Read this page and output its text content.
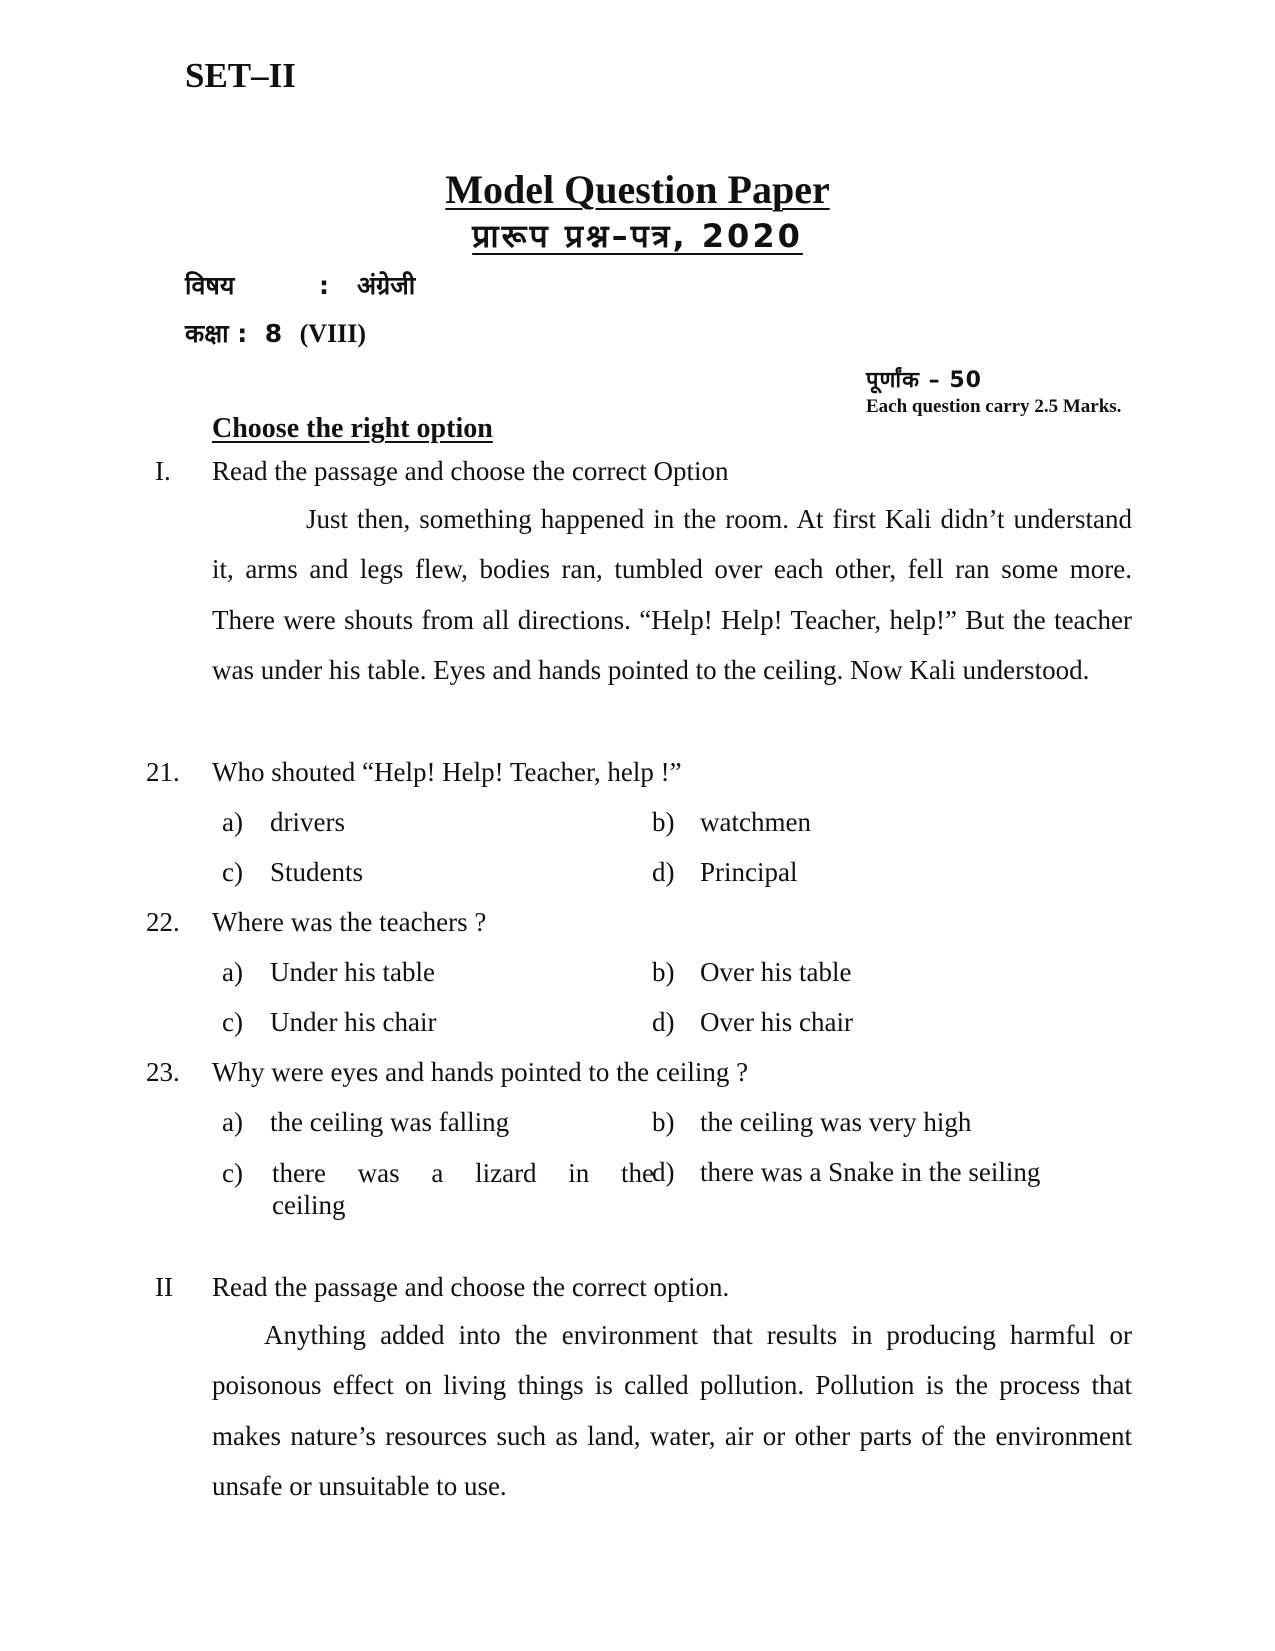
SET–II
Model Question Paper
प्रारूप प्रश्न–पत्र, 2020
विषय	: अंग्रेजी
कक्षा : 8 (VIII)
पूर्णांक – 50
Each question carry 2.5 Marks.
Choose the right option
I. Read the passage and choose the correct Option

Just then, something happened in the room. At first Kali didn’t understand it, arms and legs flew, bodies ran, tumbled over each other, fell ran some more. There were shouts from all directions. “Help! Help! Teacher, help!” But the teacher was under his table. Eyes and hands pointed to the ceiling. Now Kali understood.

21. Who shouted “Help! Help! Teacher, help !”
a) drivers	b) watchmen
c) Students	d) Principal
22. Where was the teachers ?
a) Under his table	b) Over his table
c) Under his chair	d) Over his chair
23. Why were eyes and hands pointed to the ceiling ?
a) the ceiling was falling	b) the ceiling was very high
c) there was a lizard in the
ceiling
d) there was a Snake in the seiling
II Read the passage and choose the correct option.

Anything added into the environment that results in producing harmful or poisonous effect on living things is called pollution. Pollution is the process that makes nature’s resources such as land, water, air or other parts of the environment unsafe or unsuitable to use.
